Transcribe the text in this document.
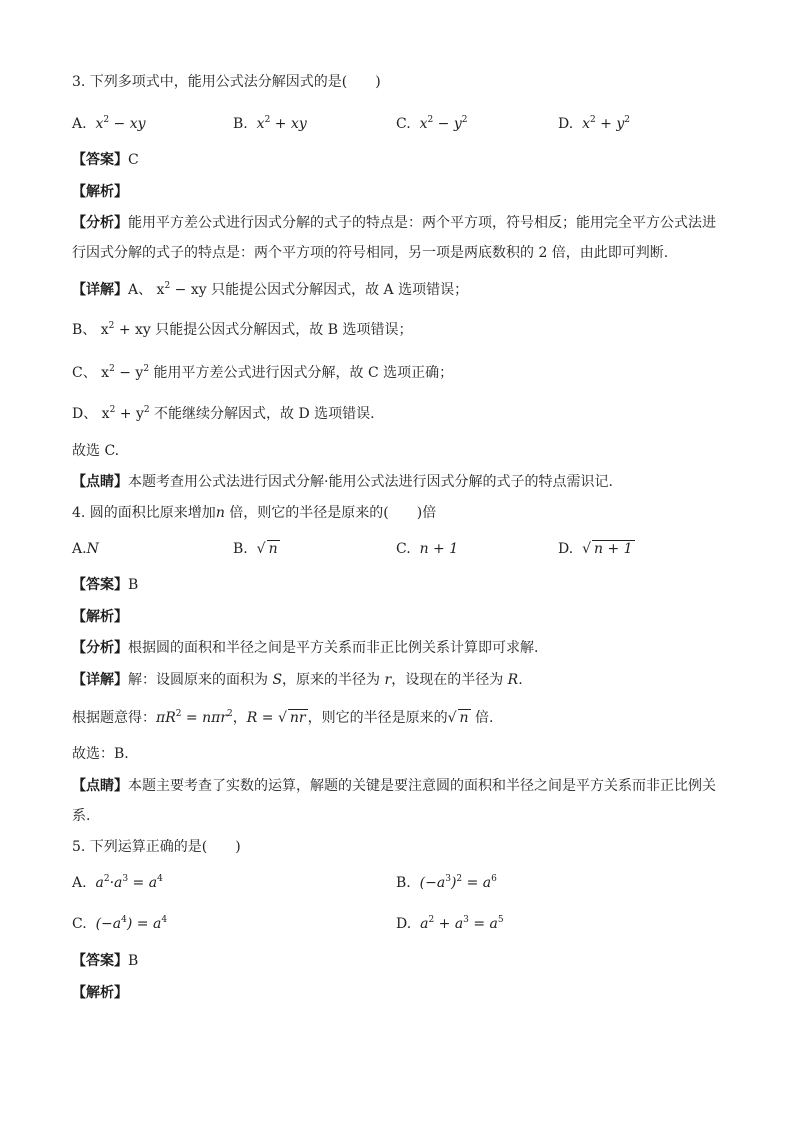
3. 下列多项式中，能用公式法分解因式的是(　　)
A. $x^2$ − xy	B. $x^2$ + xy	C. $x^2 - y^2$	D. $x^2 + y^2$
【答案】C
【解析】
【分析】能用平方差公式进行因式分解的式子的特点是：两个平方项，符号相反；能用完全平方公式法进
行因式分解的式子的特点是：两个平方项的符号相同，另一项是两底数积的 2 倍，由此即可判断.
【详解】A、 $x^2$ − xy 只能提公因式分解因式，故 A 选项错误；
B、 $x^2$ + xy 只能提公因式分解因式，故 B 选项错误；
C、 $x^2 - y^2$ 能用平方差公式进行因式分解，故 C 选项正确；
D、 $x^2 + y^2$ 不能继续分解因式，故 D 选项错误.
故选 C.
【点睛】本题考查用公式法进行因式分解·能用公式法进行因式分解的式子的特点需识记.
4. 圆的面积比原来增加n 倍，则它的半径是原来的(　　)倍
A.N	B. √ n	C. n + 1	D. √ n + 1
【答案】B
【解析】
【分析】根据圆的面积和半径之间是平方关系而非正比例关系计算即可求解.
【详解】解：设圆原来的面积为 S，原来的半径为 r，设现在的半径为 R.
根据题意得：$\pi R^2 = n\pi r^2$，R = √ nr ，则它的半径是原来的√ n 倍.
故选：B.
【点睛】本题主要考查了实数的运算，解题的关键是要注意圆的面积和半径之间是平方关系而非正比例关
系.
5. 下列运算正确的是(　　)
A. $a^2\cdot a^3 = a^4$	B. $(-a^3)^2 = a^6$
C. $(-a^4) = a^4$	D. $a^2 + a^3 = a^5$
【答案】B
【解析】
